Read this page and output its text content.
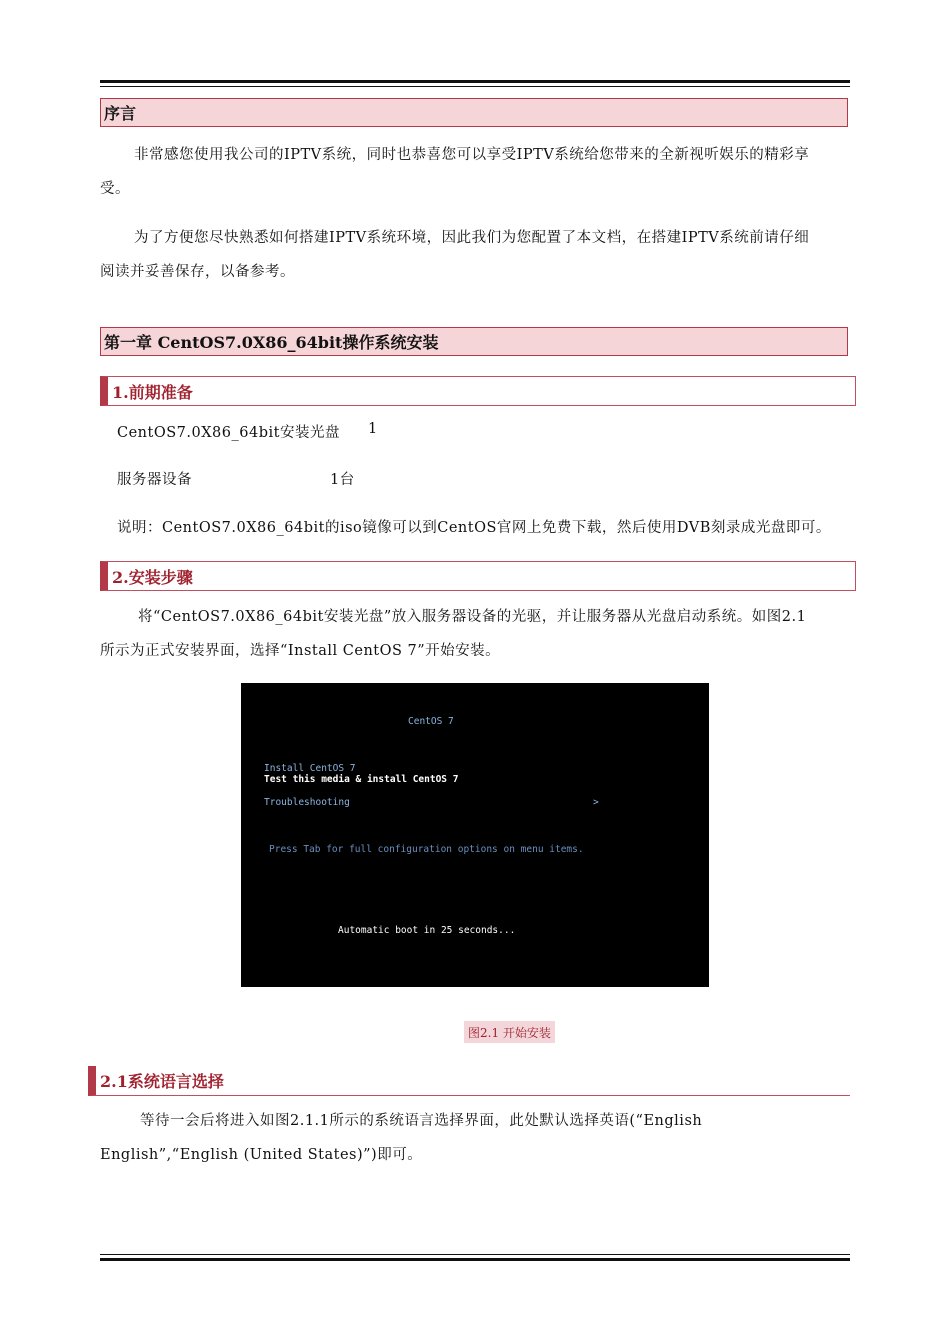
序言
非常感您使用我公司的IPTV系统，同时也恭喜您可以享受IPTV系统给您带来的全新视听娱乐的精彩享
受。
为了方便您尽快熟悉如何搭建IPTV系统环境，因此我们为您配置了本文档，在搭建IPTV系统前请仔细
阅读并妥善保存，以备参考。
第一章 CentOS7.0X86_64bit操作系统安装
1.前期准备
CentOS7.0X86_64bit安装光盘 1
服务器设备	1台
说明：CentOS7.0X86_64bit的iso镜像可以到CentOS官网上免费下载，然后使用DVB刻录成光盘即可。
2.安装步骤
将“CentOS7.0X86_64bit安装光盘”放入服务器设备的光驱，并让服务器从光盘启动系统。如图2.1
所示为正式安装界面，选择“Install CentOS 7”开始安装。
CentOS 7
Install CentOS 7
Test this media & install CentOS 7
Troubleshooting	>
Press Tab for full configuration options on menu items.
Automatic boot in 25 seconds...
图2.1 开始安装
2.1系统语言选择
等待一会后将进入如图2.1.1所示的系统语言选择界面，此处默认选择英语(“English
English”,“English (United States)”)即可。
